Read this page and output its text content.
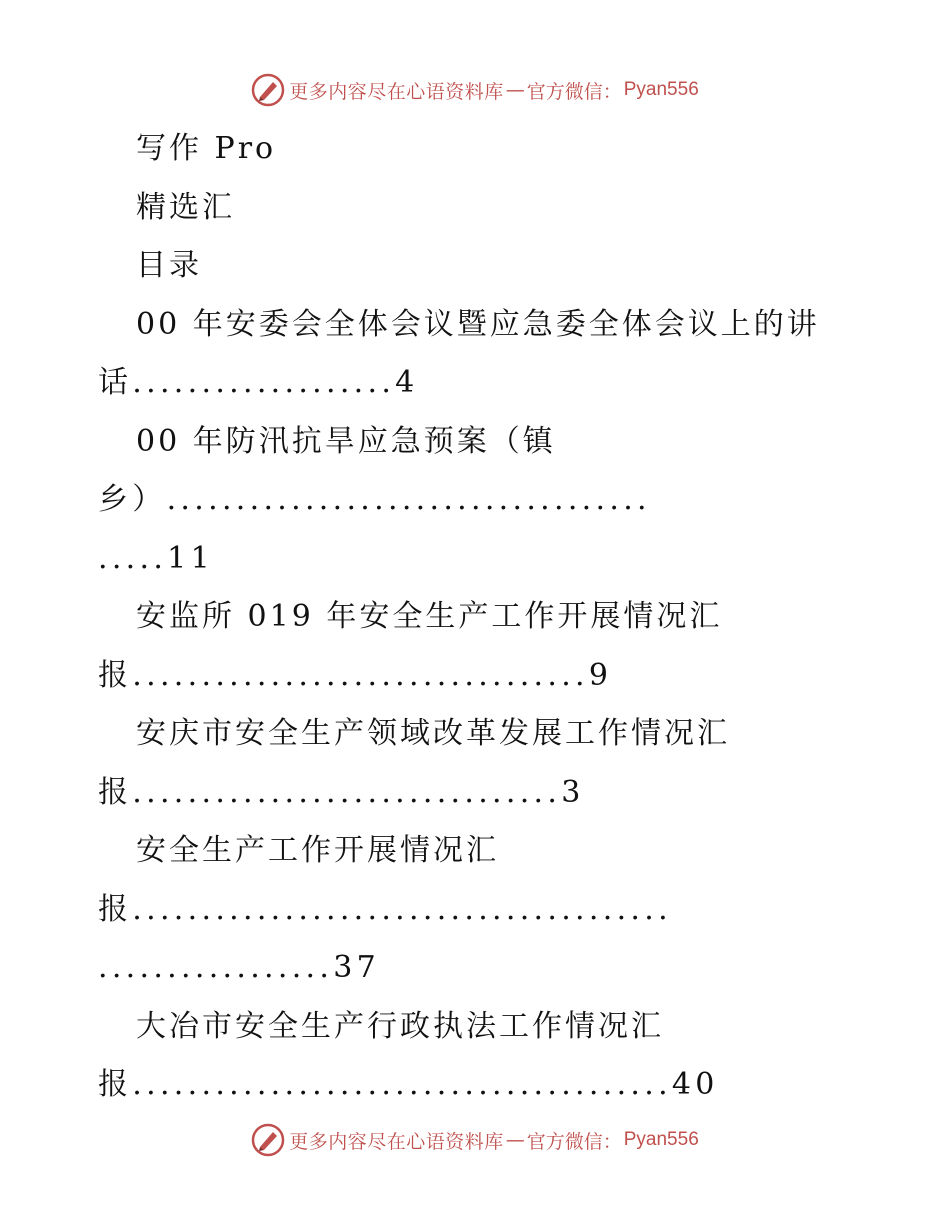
更多内容尽在心语资料库 — 官方微信： Pyan556
写作 Pro
精选汇
目录
00 年安委会全体会议暨应急委全体会议上的讲
话...................4
00 年防汛抗旱应急预案（镇
乡）...................................
.....11
安监所 019 年安全生产工作开展情况汇
报.................................9
安庆市安全生产领域改革发展工作情况汇
报...............................3
安全生产工作开展情况汇
报.......................................
.................37
大冶市安全生产行政执法工作情况汇
报.......................................40
更多内容尽在心语资料库 — 官方微信： Pyan556
